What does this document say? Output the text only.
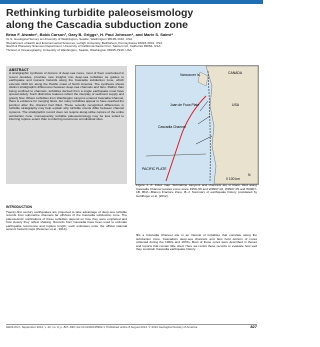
Rethinking turbidite paleoseismology along the Cascadia subduction zone
Brian F. Atwater¹, Bobb Carson², Gary B. Griggs³, H. Paul Johnson⁴, and Marie S. Salmi⁴
¹U.S. Geological Survey at University of Washington, Seattle, Washington 98195-1310, USA
²Department of Earth and Environmental Sciences, Lehigh University, Bethlehem, Pennsylvania 18015-3001, USA
³Earth & Planetary Sciences Department, University of California-Santa Cruz, Santa Cruz, California 95064, USA
⁴School of Oceanography, University of Washington, Seattle, Washington 98195-7940, USA
ABSTRACT
A stratigraphic synthesis of dozens of deep-sea cores, most of them overlooked in recent decades, provides new insights into deep-sea turbidites as guides to earthquake and tsunami hazards along the Cascadia subduction zone, which extends 1100 km along the Pacific coast of North America. The synthesis shows distinct stratigraphic differences between deep-sea channels and fans. Rather than being confined to channels, turbidites derived from a single earthquake must have spread widely. Such distinctive features reflect the interplay of sediment supply and gravity flow. Where turbidites from Washington canyons entered Cascadia Channel, there is evidence for merging flows, but many turbidites appear to have reached the junction after the channel had filled. These recently recognized differences in turbidite stratigraphy may help explain why turbidite counts differ between channel systems. The stratigraphic record does not require along-strike rupture of the entire subduction zone. Consequently, turbidite paleoseismology may be less suited to inferring rupture extent than to inferring recurrence at individual sites.
CANADA
USA
Vancouver Is.
Cascadia Channel
Juan de Fuca Plate
PACIFIC PLATE
N
0 100 km
Figure 1. A: Index map. Submarine canyons and channels are in black. Red along Cascadia Channel locates cores since 1959–59 and W9907-02, W9907-05 and W9907-1B. BFZ—Blanco Fracture Zone. B–J: Summary of earthquake history postulated by Goldfinger et al. (2012).
INTRODUCTION
Twenty-first century earthquakes are projected to take advantage of deep-sea turbidite records from submarine channels far offshore of the Cascadia subduction zone. The paleoseismic implications of these turbidites depend on how they were emplaced and how closely they reflect shaking. Records from Cascadia have been used to estimate earthquake recurrence and rupture length; such estimates enter the official national seismic hazard maps (Petersen et al., 2014).
fills a Cascadia Channel site in an interval of turbidites that correlate along the subduction zone. Cascadia's deep-sea channels and fans hold dozens of cores collected during the 1960s and 1970s. Most of these cores were described in theses and reports that remain little cited. Here we revisit these records to evaluate how well they constrain Cascadia earthquake history.
GEOLOGY, September 2014; v. 42; no. 9; p. 827–830; doi:10.1130/G35902.1; Published online 8 August 2014. © 2014 Geological Society of America.	827
